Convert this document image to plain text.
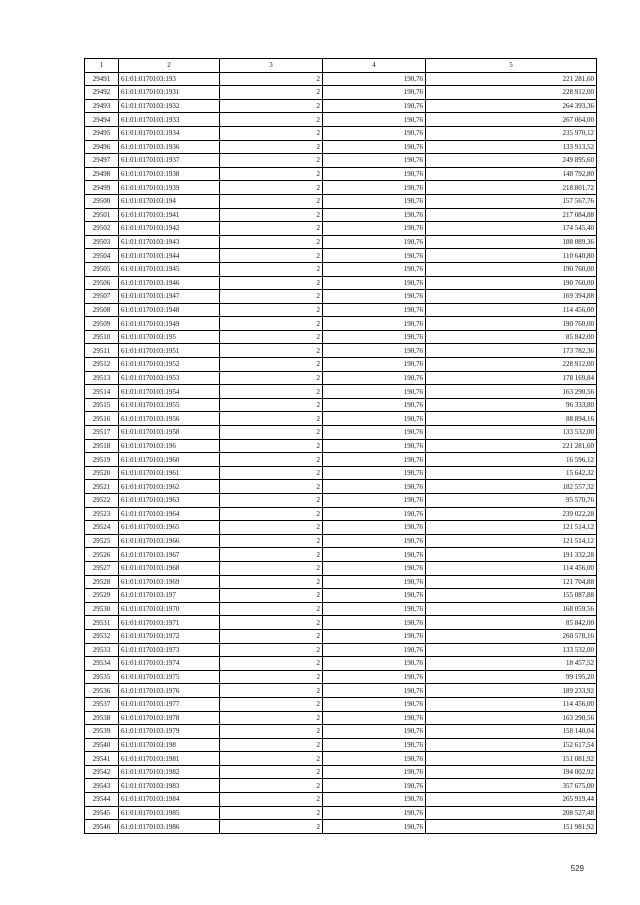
1	2	3	4	5
29491	61:01:0170103:193	2	190,76	221 281,60
29492	61:01:0170103:1931	2	190,76	228 912,00
29493	61:01:0170103:1932	2	190,76	264 393,36
29494	61:01:0170103:1933	2	190,76	267 064,00
29495	61:01:0170103:1934	2	190,76	235 970,12
29496	61:01:0170103:1936	2	190,76	133 913,52
29497	61:01:0170103:1937	2	190,76	249 895,60
29498	61:01:0170103:1938	2	190,76	148 792,80
29499	61:01:0170103:1939	2	190,76	218 801,72
29500	61:01:0170103:194	2	190,76	157 567,76
29501	61:01:0170103:1941	2	190,76	217 084,88
29502	61:01:0170103:1942	2	190,76	174 545,40
29503	61:01:0170103:1943	2	190,76	188 089,36
29504	61:01:0170103:1944	2	190,76	110 640,80
29505	61:01:0170103:1945	2	190,76	190 760,00
29506	61:01:0170103:1946	2	190,76	190 760,00
29507	61:01:0170103:1947	2	190,76	169 394,88
29508	61:01:0170103:1948	2	190,76	114 456,00
29509	61:01:0170103:1949	2	190,76	190 760,00
29510	61:01:0170103:195	2	190,76	85 842,00
29511	61:01:0170103:1951	2	190,76	173 782,36
29512	61:01:0170103:1952	2	190,76	228 912,00
29513	61:01:0170103:1953	2	190,76	178 169,84
29514	61:01:0170103:1954	2	190,76	163 290,56
29515	61:01:0170103:1955	2	190,76	96 333,80
29516	61:01:0170103:1956	2	190,76	88 894,16
29517	61:01:0170103:1958	2	190,76	133 532,00
29518	61:01:0170103:196	2	190,76	221 281,60
29519	61:01:0170103:1960	2	190,76	16 596,12
29520	61:01:0170103:1961	2	190,76	15 642,32
29521	61:01:0170103:1962	2	190,76	182 557,32
29522	61:01:0170103:1963	2	190,76	95 570,76
29523	61:01:0170103:1964	2	190,76	239 022,28
29524	61:01:0170103:1965	2	190,76	121 514,12
29525	61:01:0170103:1966	2	190,76	121 514,12
29526	61:01:0170103:1967	2	190,76	191 332,28
29527	61:01:0170103:1968	2	190,76	114 456,00
29528	61:01:0170103:1969	2	190,76	121 704,88
29529	61:01:0170103:197	2	190,76	155 087,88
29530	61:01:0170103:1970	2	190,76	168 059,56
29531	61:01:0170103:1971	2	190,76	85 842,00
29532	61:01:0170103:1972	2	190,76	260 578,16
29533	61:01:0170103:1973	2	190,76	133 532,00
29534	61:01:0170103:1974	2	190,76	18 457,52
29535	61:01:0170103:1975	2	190,76	99 195,20
29536	61:01:0170103:1976	2	190,76	189 233,92
29537	61:01:0170103:1977	2	190,76	114 456,00
29538	61:01:0170103:1978	2	190,76	163 290,56
29539	61:01:0170103:1979	2	190,76	158 140,04
29540	61:01:0170103:198	2	190,76	152 617,54
29541	61:01:0170103:1981	2	190,76	151 081,92
29542	61:01:0170103:1982	2	190,76	194 002,92
29543	61:01:0170103:1983	2	190,76	357 675,00
29544	61:01:0170103:1984	2	190,76	265 919,44
29545	61:01:0170103:1985	2	190,76	208 527,48
29546	61:01:0170103:1986	2	190,76	151 981,92
529
